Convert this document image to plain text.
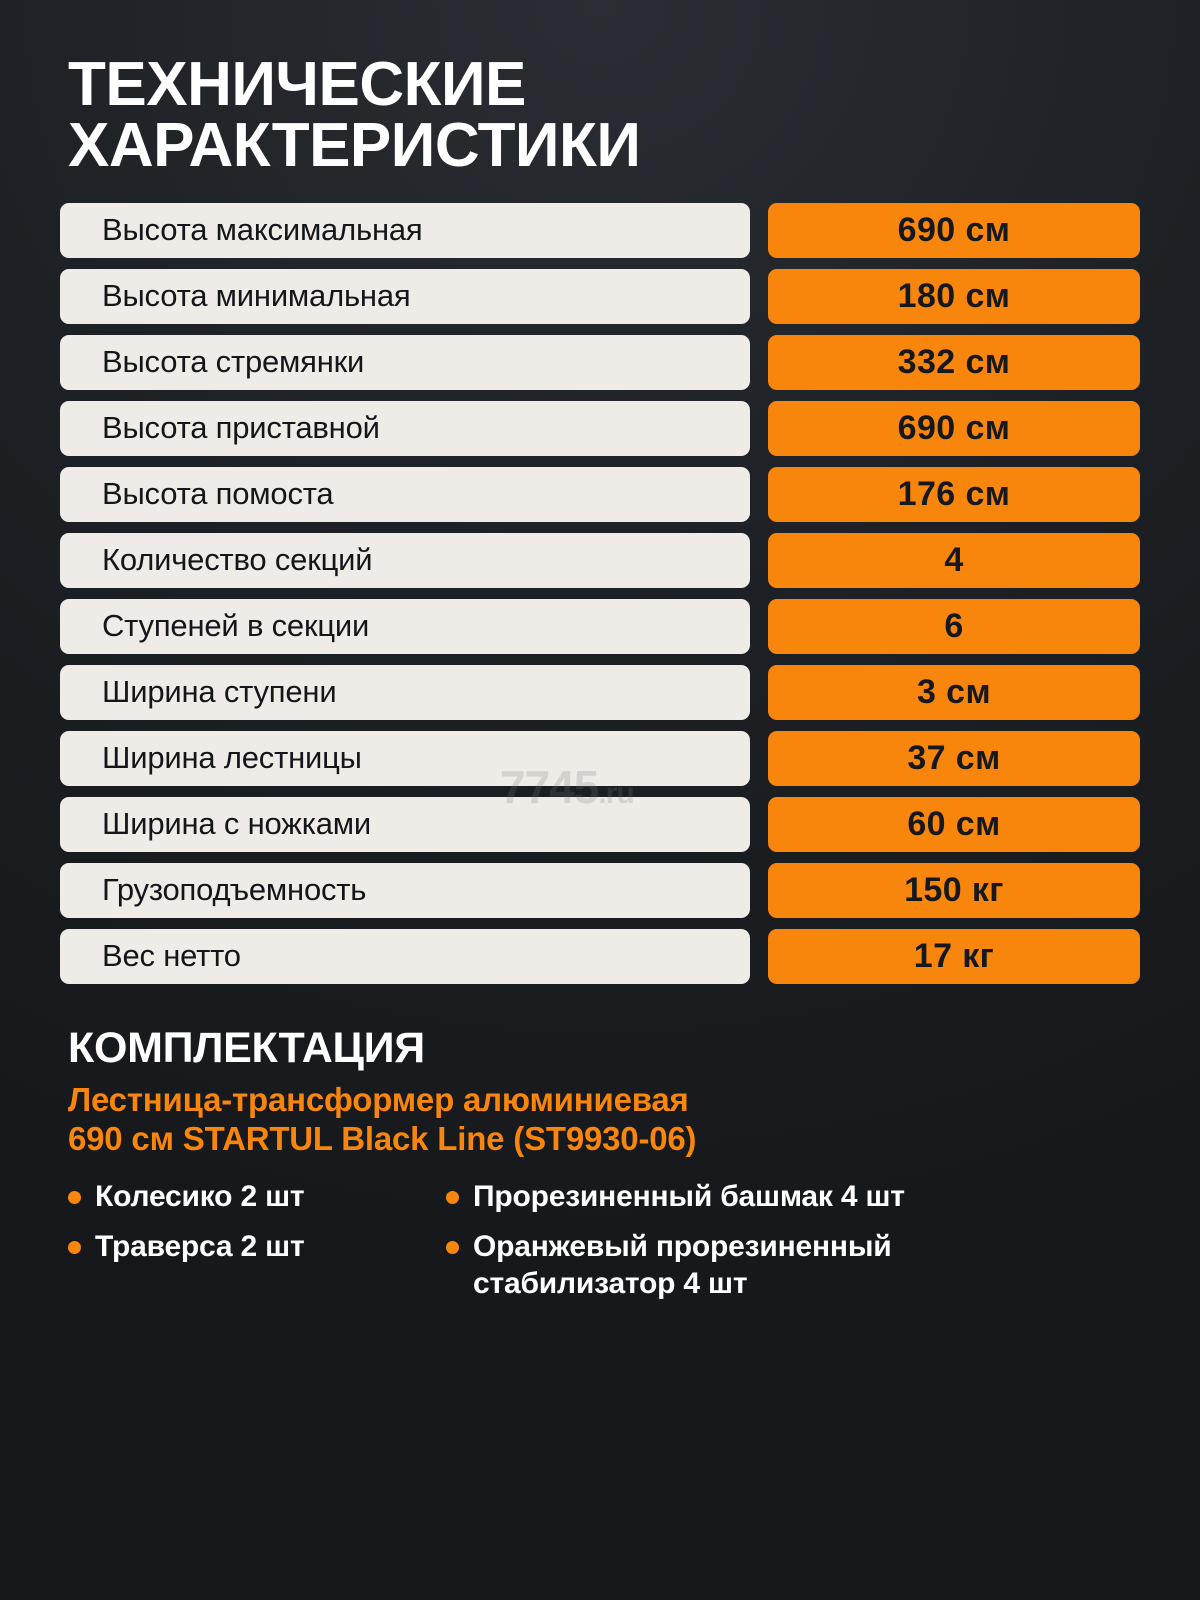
ТЕХНИЧЕСКИЕ
ХАРАКТЕРИСТИКИ
Высота максимальная	690 см
Высота минимальная	180 см
Высота стремянки	332 см
Высота приставной	690 см
Высота помоста	176 см
Количество секций	4
Ступеней в секции	6
Ширина ступени	3 см
Ширина лестницы	37 см
Ширина с ножками	60 см
Грузоподъемность	150 кг
Вес нетто	17 кг
КОМПЛЕКТАЦИЯ
Лестница-трансформер алюминиевая
690 см STARTUL Black Line (ST9930-06)
Колесико 2 шт	Прорезиненный башмак 4 шт
Траверса 2 шт	Оранжевый прорезиненный стабилизатор 4 шт
7745.ru
